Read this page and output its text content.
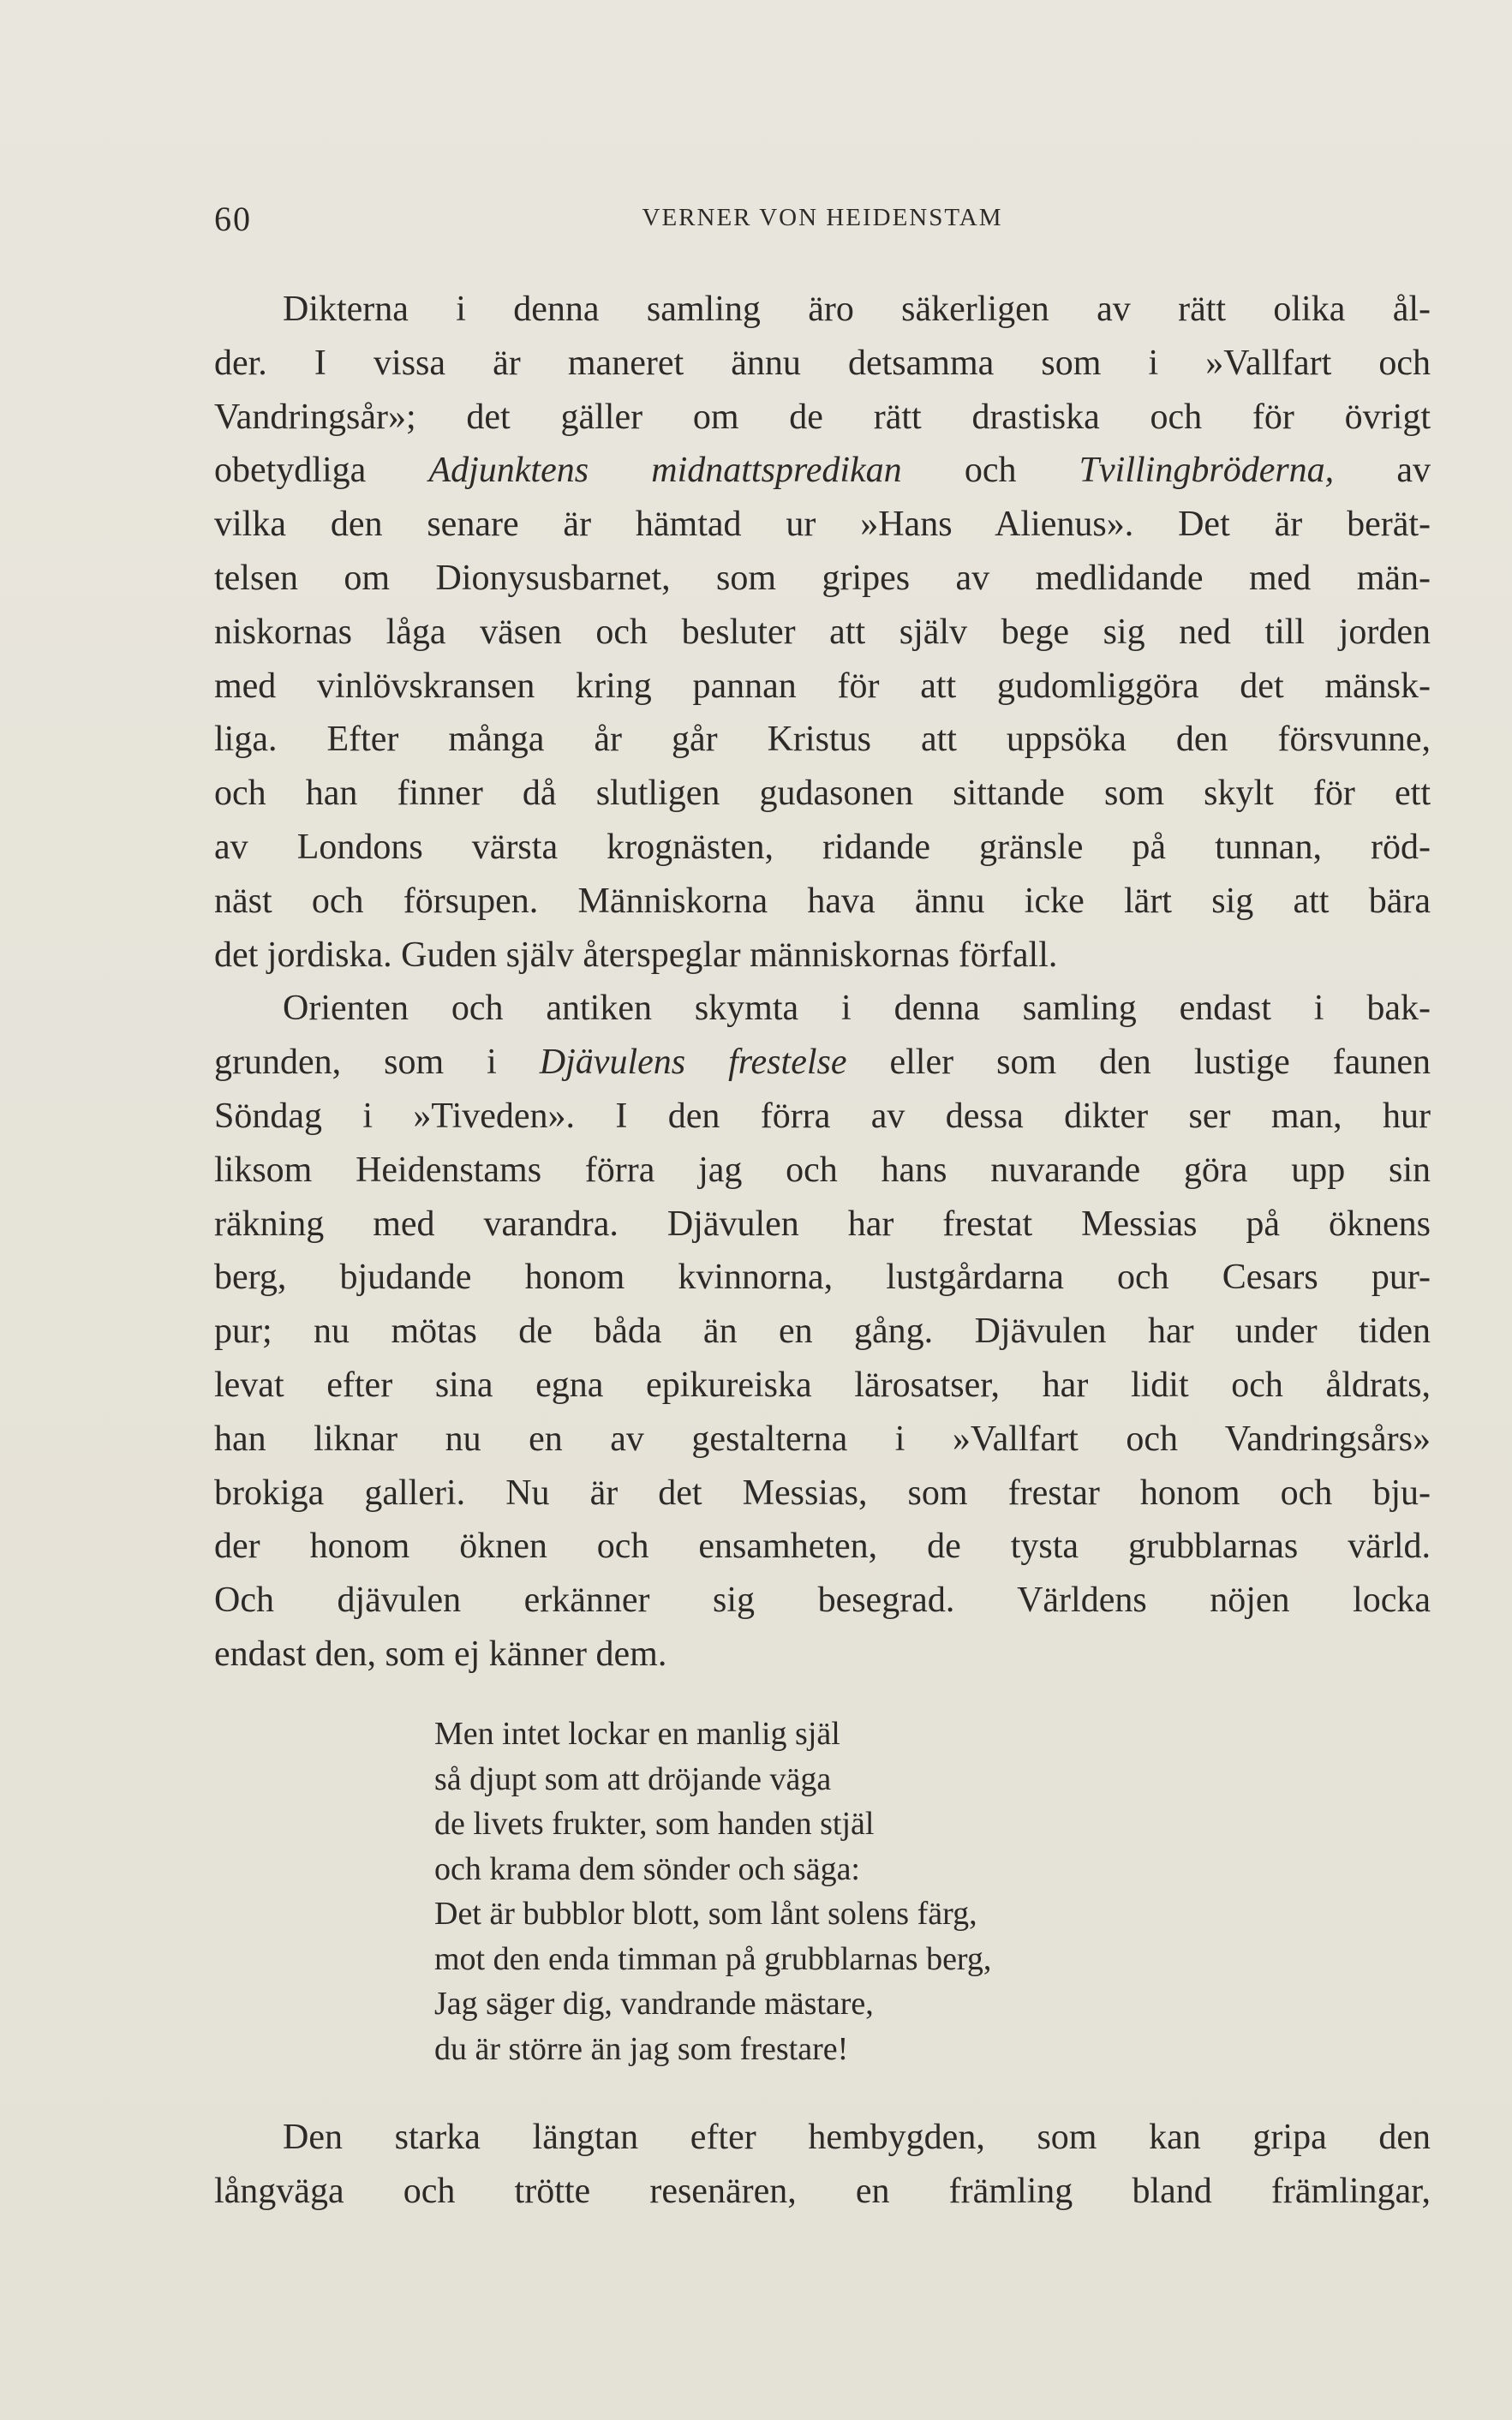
60	VERNER VON HEIDENSTAM
Dikterna i denna samling äro säkerligen av rätt olika ål-
der. I vissa är maneret ännu detsamma som i »Vallfart och
Vandringsår»; det gäller om de rätt drastiska och för övrigt
obetydliga Adjunktens midnattspredikan och Tvillingbröderna, av
vilka den senare är hämtad ur »Hans Alienus». Det är berät-
telsen om Dionysusbarnet, som gripes av medlidande med män-
niskornas låga väsen och besluter att själv bege sig ned till jorden
med vinlövskransen kring pannan för att gudomliggöra det mänsk-
liga. Efter många år går Kristus att uppsöka den försvunne,
och han finner då slutligen gudasonen sittande som skylt för ett
av Londons värsta krognästen, ridande gränsle på tunnan, röd-
näst och försupen. Människorna hava ännu icke lärt sig att bära
det jordiska. Guden själv återspeglar människornas förfall.
Orienten och antiken skymta i denna samling endast i bak-
grunden, som i Djävulens frestelse eller som den lustige faunen
Söndag i »Tiveden». I den förra av dessa dikter ser man, hur
liksom Heidenstams förra jag och hans nuvarande göra upp sin
räkning med varandra. Djävulen har frestat Messias på öknens
berg, bjudande honom kvinnorna, lustgårdarna och Cesars pur-
pur; nu mötas de båda än en gång. Djävulen har under tiden
levat efter sina egna epikureiska lärosatser, har lidit och åldrats,
han liknar nu en av gestalterna i »Vallfart och Vandringsårs»
brokiga galleri. Nu är det Messias, som frestar honom och bju-
der honom öknen och ensamheten, de tysta grubblarnas värld.
Och djävulen erkänner sig besegrad. Världens nöjen locka
endast den, som ej känner dem.
Men intet lockar en manlig själ
så djupt som att dröjande väga
de livets frukter, som handen stjäl
och krama dem sönder och säga:
Det är bubblor blott, som lånt solens färg,
mot den enda timman på grubblarnas berg,
Jag säger dig, vandrande mästare,
du är större än jag som frestare!
Den starka längtan efter hembygden, som kan gripa den
långväga och trötte resenären, en främling bland främlingar,
